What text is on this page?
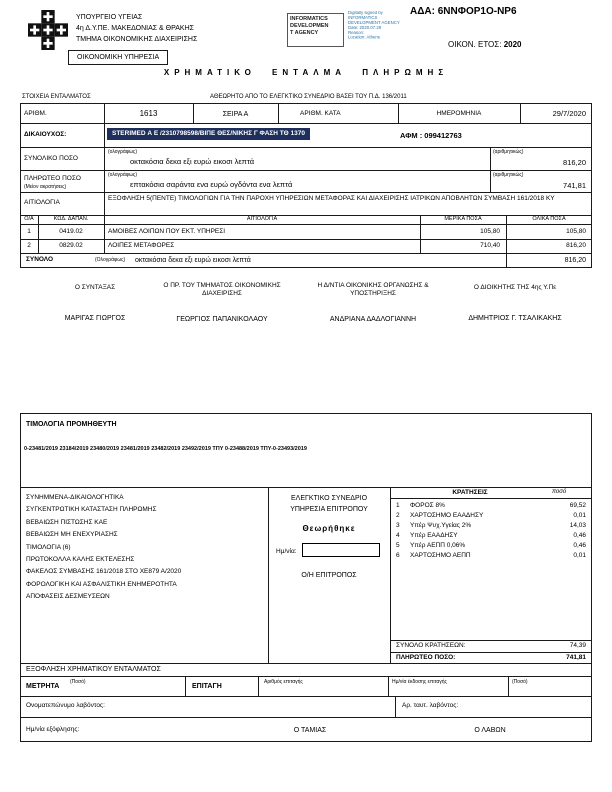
ΥΠΟΥΡΓΕΙΟ ΥΓΕΙΑΣ
4η Δ.Υ.ΠΕ. ΜΑΚΕΔΟΝΙΑΣ & ΘΡΑΚΗΣ
ΤΜΗΜΑ ΟΙΚΟΝΟΜΙΚΗΣ ΔΙΑΧΕΙΡΙΣΗΣ
ΟΙΚΟΝΟΜΙΚΗ ΥΠΗΡΕΣΙΑ
INFORMATICS
DEVELOPMEN
T AGENCY
Digitally signed by
INFORMATICS
DEVELOPMENT AGENCY
Date: 2020.07.29
Reason:
Location: Athens
ΑΔΑ: 6ΝΝΦΟΡ1Ο-ΝΡ6
ΟΙΚΟΝ. ΕΤΟΣ: 2020
ΧΡΗΜΑΤΙΚΟ ΕΝΤΑΛΜΑ ΠΛΗΡΩΜΗΣ
ΣΤΟΙΧΕΙΑ ΕΝΤΑΛΜΑΤΟΣ	ΑΘΕΩΡΗΤΟ ΑΠΟ ΤΟ ΕΛΕΓΚΤΙΚΟ ΣΥΝΕΔΡΙΟ ΒΑΣΕΙ ΤΟΥ Π.Δ. 136/2011
ΑΡΙΘΜ.	1613	ΣΕΙΡΑ Α	ΑΡΙΘΜ. ΚΑΤΑ	ΗΜΕΡΟΜΗΝΙΑ	29/7/2020
ΔΙΚΑΙΟΥΧΟΣ:	STERIMED Α Ε /2310798598/ΒΙΠΕ ΘΕΣ/ΝΙΚΗΣ Γ ΦΑΣΗ ΤΘ 1370	ΑΦΜ : 099412763
ΣΥΝΟΛΙΚΟ ΠΟΣΟ
(ολογράφως)
οκτακόσια δεκα εξι ευρώ εικοσι λεπτά
(αριθμητικώς)
816,20
ΠΛΗΡΩΤΕΟ ΠΟΣΟ
(Μείον ακρατήσεις)
(ολογράφως)
επτακόσια σαράντα ενα ευρώ ογδόντα ενα λεπτά
(αριθμητικώς)
741,81
ΑΙΤΙΟΛΟΓΙΑ
ΕΞΟΦΛΗΣΗ 5(ΠΕΝΤΕ) ΤΙΜΟΛΟΓΙΩΝ ΓΙΑ ΤΗΝ ΠΑΡΟΧΗ ΥΠΗΡΕΣΙΩΝ ΜΕΤΑΦΟΡΑΣ ΚΑΙ ΔΙΑΧΕΙΡΙΣΗΣ ΙΑΤΡΙΚΩΝ ΑΠΟΒΛΗΤΩΝ ΣΥΜΒΑΣΗ 161/2018 ΚΥ
Ο/Α	ΚΩΔ. ΔΑΠΑΝ.	ΑΙΤΙΟΛΟΓΙΑ	ΜΕΡΙΚΑ ΠΟΣΑ	ΟΛΙΚΑ ΠΟΣΑ
1	0419.02	ΑΜΟΙΒΕΣ ΛΟΙΠΩΝ ΠΟΥ ΕΚΤ. ΥΠΗΡΕΣΙ	105,80	105,80
2	0829.02	ΛΟΙΠΕΣ ΜΕΤΑΦΟΡΕΣ	710,40	816,20
ΣΥΝΟΛΟ	(Ολογράφως) οκτακόσια δεκα εξι ευρώ εικοσι λεπτά	816,20
Ο ΣΥΝΤΑΞΑΣ
ΜΑΡΙΓΑΣ ΓΙΩΡΓΟΣ
Ο ΠΡ. ΤΟΥ ΤΜΗΜΑΤΟΣ ΟΙΚΟΝΟΜΙΚΗΣ ΔΙΑΧΕΙΡΙΣΗΣ
ΓΕΩΡΓΙΟΣ ΠΑΠΑΝΙΚΟΛΑΟΥ
Η Δ/ΝΤΙΑ ΟΙΚΟΝΙΚΗΣ ΟΡΓΑΝΩΣΗΣ & ΥΠΟΣΤΗΡΙΞΗΣ
ΑΝΔΡΙΑΝΑ ΔΑΔΛΟΓΙΑΝΝΗ
Ο ΔΙΟΙΚΗΤΗΣ ΤΗΣ 4ης Υ.Πε
ΔΗΜΗΤΡΙΟΣ Γ. ΤΣΑΛΙΚΑΚΗΣ
ΤΙΜΟΛΟΓΙΑ ΠΡΟΜΗΘΕΥΤΗ
0-23481/2019 23184/2019 23480/2019 23481/2019 23482/2019 23492/2019 ΤΠΥ 0-23488/2019 ΤΠΥ-0-23493/2019
ΣΥΝΗΜΜΕΝΑ-ΔΙΚΑΙΟΛΟΓΗΤΙΚΑ
ΣΥΓΚΕΝΤΡΩΤΙΚΗ ΚΑΤΑΣΤΑΣΗ ΠΛΗΡΩΜΗΣ
ΒΕΒΑΙΩΣΗ ΠΙΣΤΩΣΗΣ ΚΑΕ
ΒΕΒΑΙΩΣΗ ΜΗ ΕΝΕΧΥΡΙΑΣΗΣ
ΤΙΜΟΛΟΓΙΑ (6)
ΠΡΩΤΟΚΟΛΛΑ ΚΑΛΗΣ ΕΚΤΕΛΕΣΗΣ
ΦΑΚΕΛΟΣ ΣΥΜΒΑΣΗΣ 161/2018 ΣΤΟ ΧΕ879 Α/2020
ΦΟΡΟΛΟΓΙΚΗ ΚΑΙ ΑΣΦΑΛΙΣΤΙΚΗ ΕΝΗΜΕΡΟΤΗΤΑ
ΑΠΟΦΑΣΕΙΣ ΔΕΣΜΕΥΣΕΩΝ
ΕΛΕΓΚΤΙΚΟ ΣΥΝΕΔΡΙΟ
ΥΠΗΡΕΣΙΑ ΕΠΙΤΡΟΠΟΥ
Θεωρήθηκε
Ημ/νία:
Ο/Η ΕΠΙΤΡΟΠΟΣ
ΚΡΑΤΗΣΕΙΣ	ποσό
1 ΦΟΡΟΣ 8%	69,52
2 ΧΑΡΤΟΣΗΜΟ ΕΑΑΔΗΣΥ	0,01
3 Υπέρ Ψυχ.Υγείας 2%	14,03
4 Υπέρ ΕΑΑΔΗΣΥ	0,46
5 Υπέρ ΑΕΠΠ 0,06%	0,46
6 ΧΑΡΤΟΣΗΜΟ ΑΕΠΠ	0,01
ΣΥΝΟΛΟ ΚΡΑΤΗΣΕΩΝ:	74,39
ΠΛΗΡΩΤΕΟ ΠΟΣΟ:	741,81
ΕΞΟΦΛΗΣΗ ΧΡΗΜΑΤΙΚΟΥ ΕΝΤΑΛΜΑΤΟΣ
ΜΕΤΡΗΤΑ
(Ποσό)
ΕΠΙΤΑΓΗ
Αριθμός επιταγής	Ημ/νία έκδοσης επιταγής	(Ποσό)
Ονοματεπώνυμο λαβόντος:	Αρ. ταυτ. λαβόντος:
Ημ/νία εξόφλησης:	Ο ΤΑΜΙΑΣ	Ο ΛΑΒΩΝ
